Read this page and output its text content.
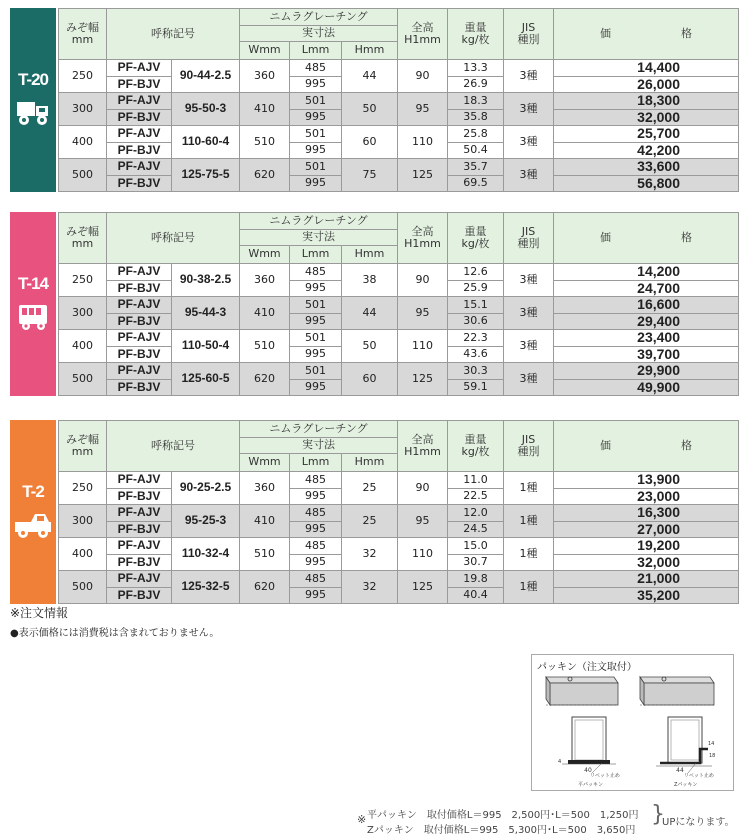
T-20
みぞ幅
mm	呼称記号		ニムラグレーチング			全高
H1mm	重量
kg/枚	JIS
種別	価 格
			実寸法						
			Wmm	Lmm	Hmm				
250	PF-AJV	90-44-2.5	360	485	44	90	13.3	3種	14,400
	PF-BJV			995			26.9		26,000
300	PF-AJV	95-50-3	410	501	50	95	18.3	3種	18,300
	PF-BJV			995			35.8		32,000
400	PF-AJV	110-60-4	510	501	60	110	25.8	3種	25,700
	PF-BJV			995			50.4		42,200
500	PF-AJV	125-75-5	620	501	75	125	35.7	3種	33,600
	PF-BJV			995			69.5		56,800
T-14
みぞ幅
mm	呼称記号		ニムラグレーチング			全高
H1mm	重量
kg/枚	JIS
種別	価 格
			実寸法						
			Wmm	Lmm	Hmm				
250	PF-AJV	90-38-2.5	360	485	38	90	12.6	3種	14,200
	PF-BJV			995			25.9		24,700
300	PF-AJV	95-44-3	410	501	44	95	15.1	3種	16,600
	PF-BJV			995			30.6		29,400
400	PF-AJV	110-50-4	510	501	50	110	22.3	3種	23,400
	PF-BJV			995			43.6		39,700
500	PF-AJV	125-60-5	620	501	60	125	30.3	3種	29,900
	PF-BJV			995			59.1		49,900
T-2
みぞ幅
mm	呼称記号		ニムラグレーチング			全高
H1mm	重量
kg/枚	JIS
種別	価 格
			実寸法						
			Wmm	Lmm	Hmm				
250	PF-AJV	90-25-2.5	360	485	25	90	11.0	1種	13,900
	PF-BJV			995			22.5		23,000
300	PF-AJV	95-25-3	410	485	25	95	12.0	1種	16,300
	PF-BJV			995			24.5		27,000
400	PF-AJV	110-32-4	510	485	32	110	15.0	1種	19,200
	PF-BJV			995			30.7		32,000
500	PF-AJV	125-32-5	620	485	32	125	19.8	1種	21,000
	PF-BJV			995			40.4		35,200
※注文情報
●表示価格には消費税は含まれておりません。
パッキン（注文取付）
40
4
リベット止め
平パッキン
44
14
18
リベット止め
Zパッキン
※ 平パッキン　取付価格L＝995　2,500円･L＝500　1,250円
Zパッキン　取付価格L＝995　5,300円･L＝500　3,650円
}
UPになります。
